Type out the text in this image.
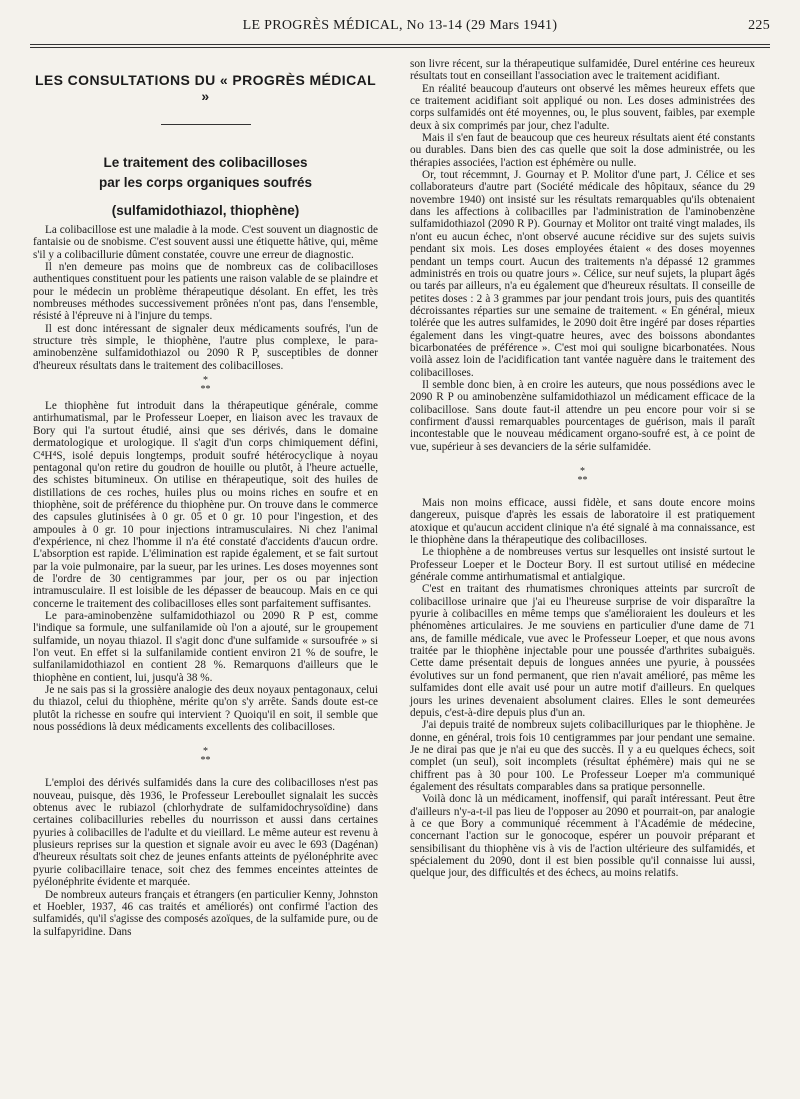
LE PROGRÈS MÉDICAL, No 13-14 (29 Mars 1941)	225
LES CONSULTATIONS DU « PROGRÈS MÉDICAL »
Le traitement des colibacilloses
par les corps organiques soufrés
(sulfamidothiazol, thiophène)

La colibacillose est une maladie à la mode. C'est souvent un diagnostic de fantaisie ou de snobisme. C'est souvent aussi une étiquette hâtive, qui, même s'il y a colibacillurie dûment constatée, couvre une erreur de diagnostic.

Il n'en demeure pas moins que de nombreux cas de colibacilloses authentiques constituent pour les patients une raison valable de se plaindre et pour le médecin un problème thérapeutique désolant. En effet, les très nombreuses méthodes successivement prônées n'ont pas, dans l'ensemble, résisté à l'épreuve ni à l'injure du temps.

Il est donc intéressant de signaler deux médicaments soufrés, l'un de structure très simple, le thiophène, l'autre plus complexe, le para-aminobenzène sulfamidothiazol ou 2090 R P, susceptibles de donner d'heureux résultats dans le traitement des colibacilloses.

*
**

Le thiophène fut introduit dans la thérapeutique générale, comme antirhumatismal, par le Professeur Loeper, en liaison avec les travaux de Bory qui l'a surtout étudié, ainsi que ses dérivés, dans le domaine dermatologique et urologique. Il s'agit d'un corps chimiquement défini, C⁴H⁴S, isolé depuis longtemps, produit soufré hétérocyclique à noyau pentagonal qu'on retire du goudron de houille ou plutôt, à l'heure actuelle, des schistes bitumineux. On utilise en thérapeutique, soit des huiles de distillations de ces roches, huiles plus ou moins riches en soufre et en thiophène, soit de préférence du thiophène pur. On trouve dans le commerce des capsules glutinisées à 0 gr. 05 et 0 gr. 10 pour l'ingestion, et des ampoules à 0 gr. 10 pour injections intramusculaires. Ni chez l'animal d'expérience, ni chez l'homme il n'a été constaté d'accidents d'aucun ordre. L'absorption est rapide. L'élimination est rapide également, et se fait surtout par la voie pulmonaire, par la sueur, par les urines. Les doses moyennes sont de l'ordre de 30 centigrammes par jour, per os ou par injection intramusculaire. Il est loisible de les dépasser de beaucoup. Mais en ce qui concerne le traitement des colibacilloses elles sont parfaitement suffisantes.

Le para-aminobenzène sulfamidothiazol ou 2090 R P est, comme l'indique sa formule, une sulfanilamide où l'on a ajouté, sur le groupement sulfamide, un noyau thiazol. Il s'agit donc d'une sulfamide « sursoufrée » si l'on veut. En effet si la sulfanilamide contient environ 21 % de soufre, le sulfanilamidothiazol en contient 28 %. Remarquons d'ailleurs que le thiophène en contient, lui, jusqu'à 38 %.

Je ne sais pas si la grossière analogie des deux noyaux pentagonaux, celui du thiazol, celui du thiophène, mérite qu'on s'y arrête. Sands doute est-ce plutôt la richesse en soufre qui intervient ? Quoiqu'il en soit, il semble que nous possédions là deux médicaments excellents des colibacilloses.

*
**

L'emploi des dérivés sulfamidés dans la cure des colibacilloses n'est pas nouveau, puisque, dès 1936, le Professeur Lereboullet signalait les succès obtenus avec le rubiazol (chlorhydrate de sulfamidochrysoïdine) dans certaines colibacilluries rebelles du nourrisson et aussi dans certaines pyuries à colibacilles de l'adulte et du vieillard. Le même auteur est revenu à plusieurs reprises sur la question et signale avoir eu avec le 693 (Dagénan) d'heureux résultats soit chez de jeunes enfants atteints de pyélonéphrite avec pyurie colibacillaire tenace, soit chez des femmes enceintes atteintes de pyélonéphrite évidente et marquée.

De nombreux auteurs français et étrangers (en particulier Kenny, Johnston et Hoebler, 1937, 46 cas traités et améliorés) ont confirmé l'action des sulfamidés, qu'il s'agisse des composés azoïques, de la sulfamide pure, ou de la sulfapyridine. Dans

son livre récent, sur la thérapeutique sulfamidée, Durel entérine ces heureux résultats tout en conseillant l'association avec le traitement acidifiant.

En réalité beaucoup d'auteurs ont observé les mêmes heureux effets que ce traitement acidifiant soit appliqué ou non. Les doses administrées des corps sulfamidés ont été moyennes, ou, le plus souvent, faibles, par exemple deux à six comprimés par jour, chez l'adulte.

Mais il s'en faut de beaucoup que ces heureux résultats aient été constants ou durables. Dans bien des cas quelle que soit la dose administrée, ou les thérapies associées, l'action est éphémère ou nulle.

Or, tout récemmnt, J. Gournay et P. Molitor d'une part, J. Célice et ses collaborateurs d'autre part (Société médicale des hôpitaux, séance du 29 novembre 1940) ont insisté sur les résultats remarquables qu'ils obtenaient dans les affections à colibacilles par l'administration de l'aminobenzène sulfamidothiazol (2090 R P). Gournay et Molitor ont traité vingt malades, ils n'ont eu aucun échec, n'ont observé aucune récidive sur des sujets suivis pendant six mois. Les doses employées étaient « des doses moyennes pendant un temps court. Aucun des traitements n'a dépassé 12 grammes administrés en trois ou quatre jours ». Célice, sur neuf sujets, la plupart âgés ou tarés par ailleurs, n'a eu également que d'heureux résultats. Il conseille de petites doses : 2 à 3 grammes par jour pendant trois jours, puis des quantités décroissantes réparties sur une semaine de traitement. « En général, mieux tolérée que les autres sulfamides, le 2090 doit être ingéré par doses réparties également dans les vingt-quatre heures, avec des boissons abondantes bicarbonatées de préférence ». C'est moi qui souligne bicarbonatées. Nous voilà assez loin de l'acidification tant vantée naguère dans le traitement des colibacilloses.

Il semble donc bien, à en croire les auteurs, que nous possédions avec le 2090 R P ou aminobenzène sulfamidothiazol un médicament efficace de la colibacillose. Sans doute faut-il attendre un peu encore pour voir si se confirment d'aussi remarquables pourcentages de guérison, mais il paraît incontestable que le nouveau médicament organo-soufré est, à ce point de vue, supérieur à ses devanciers de la série sulfamidée.

*
**

Mais non moins efficace, aussi fidèle, et sans doute encore moins dangereux, puisque d'après les essais de laboratoire il est pratiquement atoxique et qu'aucun accident clinique n'a été signalé à ma connaissance, est le thiophène dans la thérapeutique des colibacilloses.

Le thiophène a de nombreuses vertus sur lesquelles ont insisté surtout le Professeur Loeper et le Docteur Bory. Il est surtout utilisé en médecine générale comme antirhumatismal et antialgique.

C'est en traitant des rhumatismes chroniques atteints par surcroît de colibacillose urinaire que j'ai eu l'heureuse surprise de voir disparaître la pyurie à colibacilles en même temps que s'amélioraient les douleurs et les phénomènes articulaires. Je me souviens en particulier d'une dame de 71 ans, de famille médicale, vue avec le Professeur Loeper, et que nous avons traitée par le thiophène injectable pour une poussée d'arthrites subaiguës. Cette dame présentait depuis de longues années une pyurie, à poussées évolutives sur un fond permanent, que rien n'avait amélioré, pas même les sulfamides dont elle avait usé pour un autre motif d'ailleurs. En quelques jours les urines devenaient absolument claires. Elles le sont demeurées depuis, c'est-à-dire depuis plus d'un an.

J'ai depuis traité de nombreux sujets colibacilluriques par le thiophène. Je donne, en général, trois fois 10 centigrammes par jour pendant une semaine. Je ne dirai pas que je n'ai eu que des succès. Il y a eu quelques échecs, soit complet (un seul), soit incomplets (résultat éphémère) mais qui ne se chiffrent pas à 30 pour 100. Le Professeur Loeper m'a communiqué également des résultats comparables dans sa pratique personnelle.

Voilà donc là un médicament, inoffensif, qui paraît intéressant. Peut être d'ailleurs n'y-a-t-il pas lieu de l'opposer au 2090 et pourrait-on, par analogie à ce que Bory a communiqué récemment à l'Académie de médecine, concernant l'action sur le gonocoque, espérer un pouvoir préparant et sensibilisant du thiophène vis à vis de l'action ultérieure des sulfamidés, et spécialement du 2090, dont il est bien possible qu'il connaisse lui aussi, quelque jour, des difficultés et des échecs, au moins relatifs.
